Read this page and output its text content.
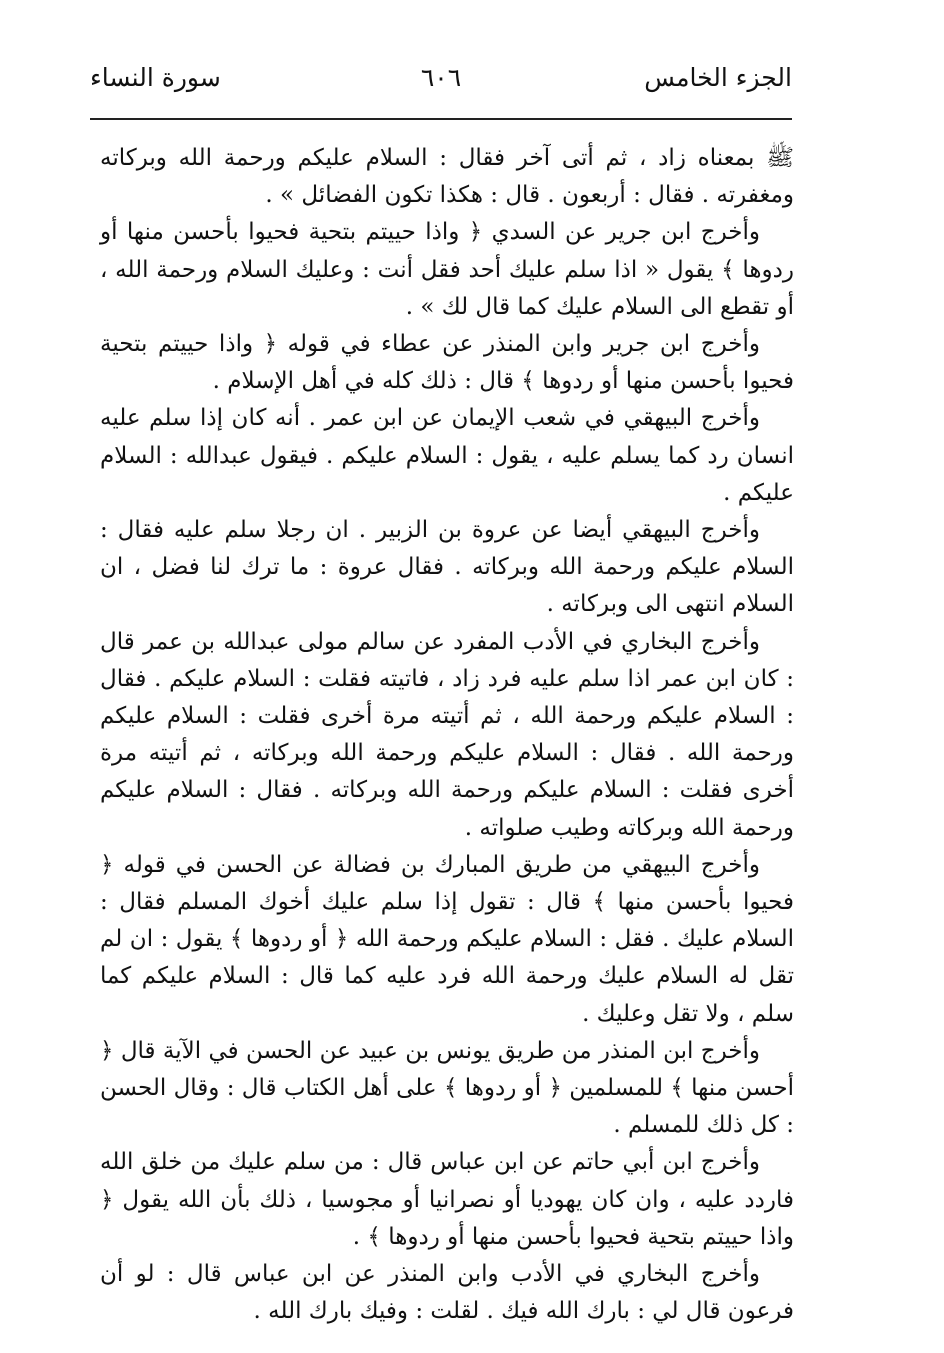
الجزء الخامس
٦٠٦
سورة النساء

ﷺ بمعناه زاد ، ثم أتى آخر فقال : السلام عليكم ورحمة الله وبركاته ومغفرته . فقال : أربعون . قال : هكذا تكون الفضائل » .

وأخرج ابن جرير عن السدي ﴿ واذا حييتم بتحية فحيوا بأحسن منها أو ردوها ﴾ يقول « اذا سلم عليك أحد فقل أنت : وعليك السلام ورحمة الله ، أو تقطع الى السلام عليك كما قال لك » .

وأخرج ابن جرير وابن المنذر عن عطاء في قوله ﴿ واذا حييتم بتحية فحيوا بأحسن منها أو ردوها ﴾ قال : ذلك كله في أهل الإسلام .

وأخرج البيهقي في شعب الإيمان عن ابن عمر . أنه كان إذا سلم عليه انسان رد كما يسلم عليه ، يقول : السلام عليكم . فيقول عبدالله : السلام عليكم .

وأخرج البيهقي أيضا عن عروة بن الزبير . ان رجلا سلم عليه فقال : السلام عليكم ورحمة الله وبركاته . فقال عروة : ما ترك لنا فضل ، ان السلام انتهى الى وبركاته .

وأخرج البخاري في الأدب المفرد عن سالم مولى عبدالله بن عمر قال : كان ابن عمر اذا سلم عليه فرد زاد ، فاتيته فقلت : السلام عليكم . فقال : السلام عليكم ورحمة الله ، ثم أتيته مرة أخرى فقلت : السلام عليكم ورحمة الله . فقال : السلام عليكم ورحمة الله وبركاته ، ثم أتيته مرة أخرى فقلت : السلام عليكم ورحمة الله وبركاته . فقال : السلام عليكم ورحمة الله وبركاته وطيب صلواته .

وأخرج البيهقي من طريق المبارك بن فضالة عن الحسن في قوله ﴿ فحيوا بأحسن منها ﴾ قال : تقول إذا سلم عليك أخوك المسلم فقال : السلام عليك . فقل : السلام عليكم ورحمة الله ﴿ أو ردوها ﴾ يقول : ان لم تقل له السلام عليك ورحمة الله فرد عليه كما قال : السلام عليكم كما سلم ، ولا تقل وعليك .

وأخرج ابن المنذر من طريق يونس بن عبيد عن الحسن في الآية قال ﴿ أحسن منها ﴾ للمسلمين ﴿ أو ردوها ﴾ على أهل الكتاب قال : وقال الحسن : كل ذلك للمسلم .

وأخرج ابن أبي حاتم عن ابن عباس قال : من سلم عليك من خلق الله فاردد عليه ، وان كان يهوديا أو نصرانيا أو مجوسيا ، ذلك بأن الله يقول ﴿ واذا حييتم بتحية فحيوا بأحسن منها أو ردوها ﴾ .

وأخرج البخاري في الأدب وابن المنذر عن ابن عباس قال : لو أن فرعون قال لي : بارك الله فيك . لقلت : وفيك بارك الله .
